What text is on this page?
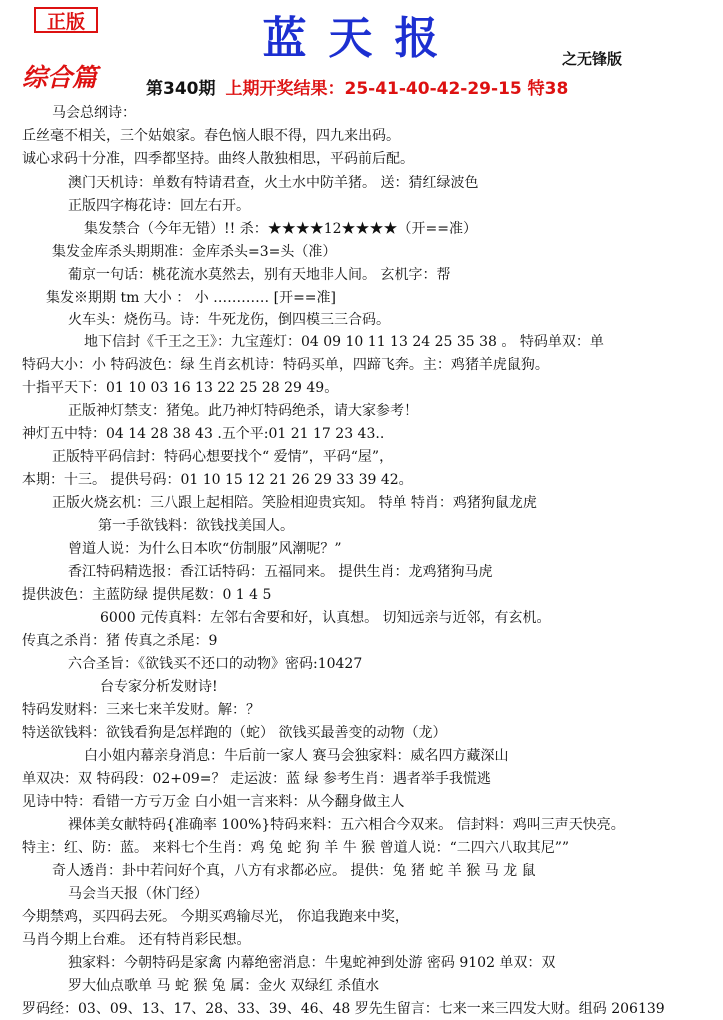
正版	蓝天报	之无锋版
综合篇	第340期 上期开奖结果：25-41-40-42-29-15 特38
马会总纲诗：
丘丝毫不相关，三个姑娘家。春色恼人眼不得，四九来出码。
诚心求码十分准，四季都坚持。曲终人散独相思，平码前后配。
澳门天机诗：单数有特请君查，火土水中防羊猪。 送：猜红绿波色
正版四字梅花诗：回左右开。
集发禁合（今年无错）!! 杀：★★★★12★★★★（开==准）
集发金库杀头期期准：金库杀头=3=头（准）
葡京一句话：桃花流水莫然去，别有天地非人间。 玄机字：帮
集发※期期 tm 大小 ： 小 ………… [开==准]
火车头：烧伤马。诗：牛死龙伤，倒四模三三合码。
地下信封《千王之王》：九宝莲灯：04 09 10 11 13 24 25 35 38 。 特码单双：单
特码大小：小 特码波色：绿 生肖玄机诗：特码买单，四蹄飞奔。主：鸡猪羊虎鼠狗。
十指平天下：01 10 03 16 13 22 25 28 29 49。
正版神灯禁支：猪兔。此乃神灯特码绝杀，请大家参考！
神灯五中特：04 14 28 38 43 .五个平:01 21 17 23 43..
正版特平码信封：特码心想要找个“ 爱情”，平码“屋”，
本期：十三。 提供号码：01 10 15 12 21 26 29 33 39 42。
正版火烧玄机：三八跟上起相陪。笑脸相迎贵宾知。 特单 特肖：鸡猪狗鼠龙虎
第一手欲钱料：欲钱找美国人。
曾道人说：为什么日本吹“仿制服”风潮呢？”
香江特码精选报：香江话特码：五福同来。 提供生肖：龙鸡猪狗马虎
提供波色：主蓝防绿 提供尾数：0 1 4 5
6000 元传真料：左邻右舍要和好，认真想。 切知远亲与近邻，有玄机。
传真之杀肖：猪 传真之杀尾：9
六合圣旨：《欲钱买不还口的动物》密码:10427
台专家分析发财诗!
特码发财料：三来七来羊发财。解：？
特送欲钱料：欲钱看狗是怎样跑的（蛇） 欲钱买最善变的动物（龙）
白小姐内幕亲身消息：牛后前一家人 赛马会独家料：威名四方藏深山
单双决：双 特码段：02+09=？ 走运波：蓝 绿 参考生肖：遇者举手我慌逃
见诗中特：看错一方亏万金 白小姐一言来料：从今翻身做主人
裸体美女献特码{准确率 100%}特码来料：五六相合今双来。 信封料：鸡叫三声天快亮。
特主：红、防：蓝。 来料七个生肖：鸡 兔 蛇 狗 羊 牛 猴 曾道人说：“二四六八取其尼””
奇人透肖：卦中若问好个真，八方有求都必应。 提供：兔 猪 蛇 羊 猴 马 龙 鼠
马会当天报（休门经）
今期禁鸡，买四码去死。 今期买鸡输尽光， 你追我跑来中奖，
马肖今期上台难。 还有特肖彩民想。
独家料：今朝特码是家禽 内幕绝密消息：牛鬼蛇神到处游 密码 9102 单双：双
罗大仙点歌单 马 蛇 猴 兔 属：金火 双绿红 杀值水
罗码经：03、09、13、17、28、33、39、46、48 罗先生留言：七来一来三四发大财。组码 206139
